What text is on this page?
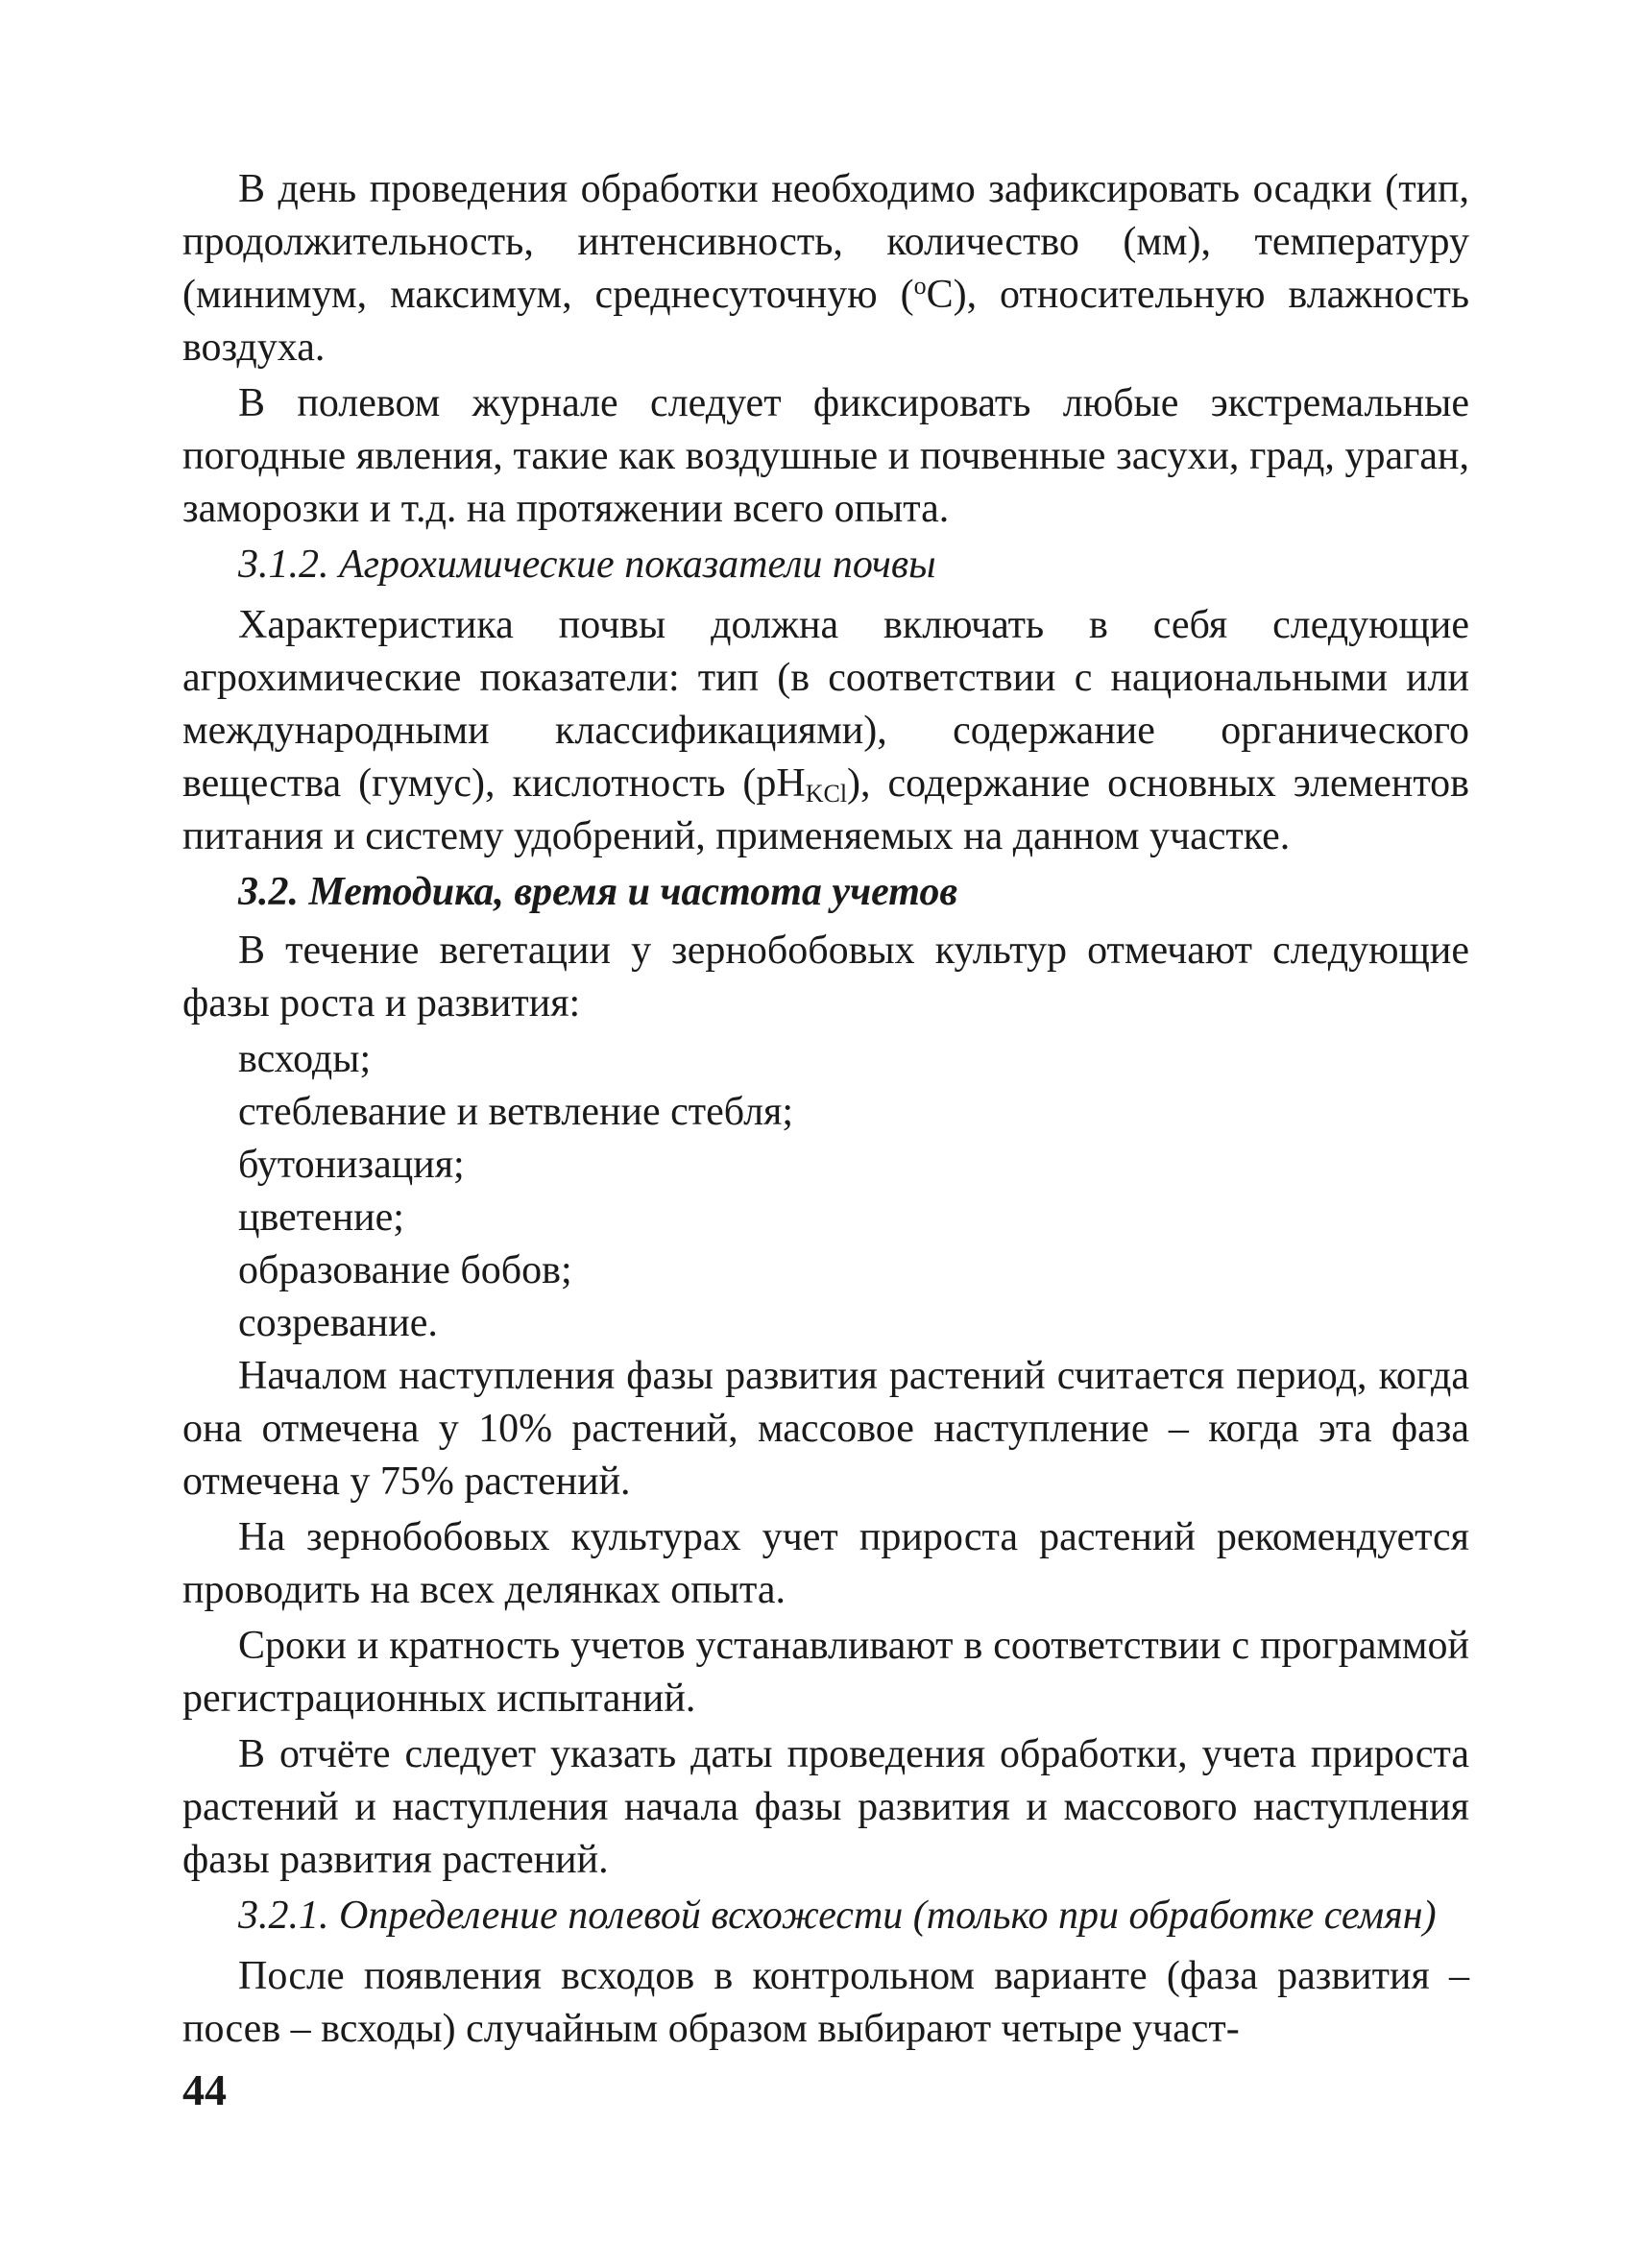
В день проведения обработки необходимо зафиксировать осадки (тип, продолжительность, интенсивность, количество (мм), температуру (минимум, максимум, среднесуточную ($^о$С), относительную влажность воздуха.

В полевом журнале следует фиксировать любые экстремальные погодные явления, такие как воздушные и почвенные засухи, град, ураган, заморозки и т.д. на протяжении всего опыта.

3.1.2. Агрохимические показатели почвы

Характеристика почвы должна включать в себя следующие агрохимические показатели: тип (в соответствии с национальными или международными классификациями), содержание органического вещества (гумус), кислотность $(рН_{KCl})$, содержание основных элементов питания и систему удобрений, применяемых на данном участке.

3.2. Методика, время и частота учетов

В течение вегетации у зернобобовых культур отмечают следующие фазы роста и развития:

всходы;
стеблевание и ветвление стебля;
бутонизация;
цветение;
образование бобов;
созревание.

Началом наступления фазы развития растений считается период, когда она отмечена у 10% растений, массовое наступление – когда эта фаза отмечена у 75% растений.

На зернобобовых культурах учет прироста растений рекомендуется проводить на всех делянках опыта.

Сроки и кратность учетов устанавливают в соответствии с программой регистрационных испытаний.

В отчёте следует указать даты проведения обработки, учета прироста растений и наступления начала фазы развития и массового наступления фазы развития растений.

3.2.1. Определение полевой всхожести (только при обработке семян)

После появления всходов в контрольном варианте (фаза развития – посев – всходы) случайным образом выбирают четыре участ-

44
